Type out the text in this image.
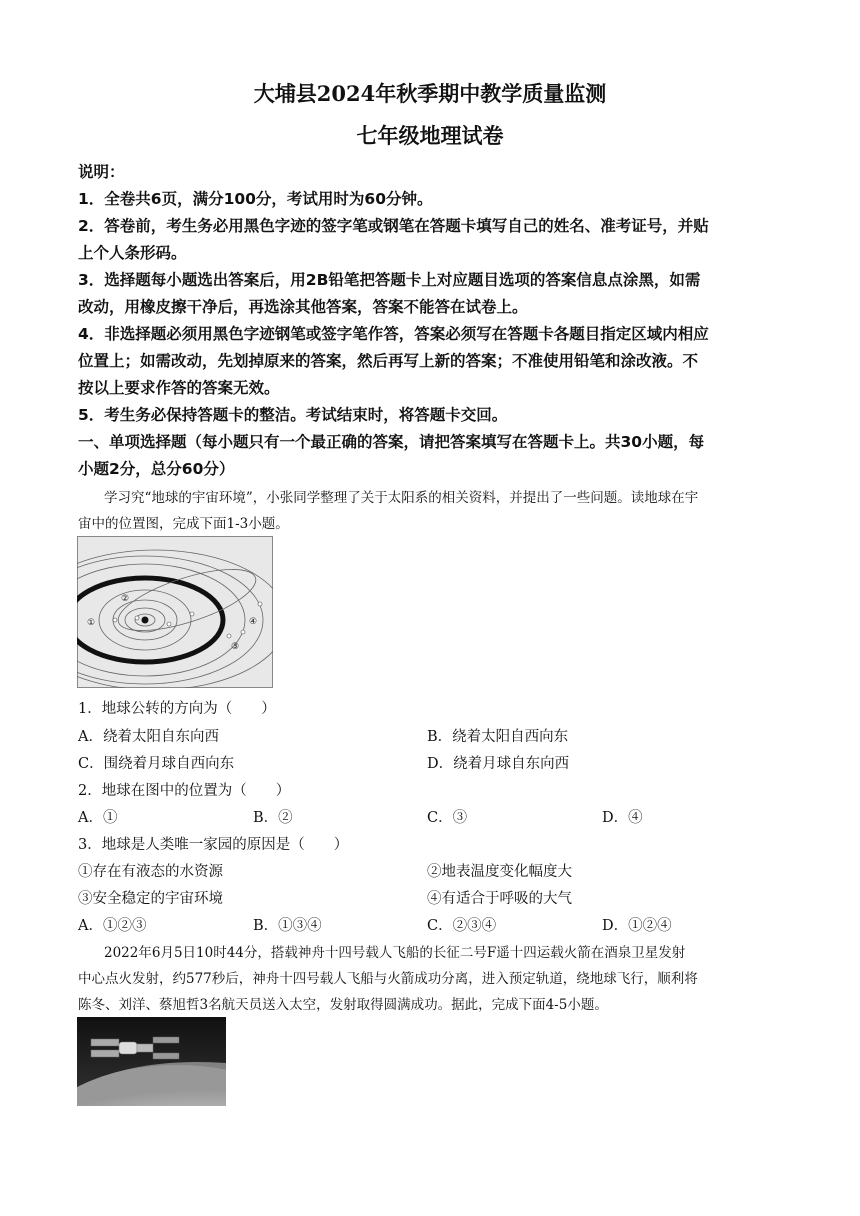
大埔县2024年秋季期中教学质量监测
七年级地理试卷
说明：
1．全卷共6页，满分100分，考试用时为60分钟。
2．答卷前，考生务必用黑色字迹的签字笔或钢笔在答题卡填写自己的姓名、准考证号，并贴
上个人条形码。
3．选择题每小题选出答案后，用2B铅笔把答题卡上对应题目选项的答案信息点涂黑，如需
改动，用橡皮擦干净后，再选涂其他答案，答案不能答在试卷上。
4．非选择题必须用黑色字迹钢笔或签字笔作答，答案必须写在答题卡各题目指定区域内相应
位置上；如需改动，先划掉原来的答案，然后再写上新的答案；不准使用铅笔和涂改液。不
按以上要求作答的答案无效。
5．考生务必保持答题卡的整洁。考试结束时，将答题卡交回。
一、单项选择题（每小题只有一个最正确的答案，请把答案填写在答题卡上。共30小题，每
小题2分，总分60分）
学习究“地球的宇宙环境”，小张同学整理了关于太阳系的相关资料，并提出了一些问题。读地球在宇
宙中的位置图，完成下面1-3小题。
①
②
④
③
1．地球公转的方向为（　　）
A．绕着太阳自东向西	B．绕着太阳自西向东
C．围绕着月球自西向东	D．绕着月球自东向西
2．地球在图中的位置为（　　）
A．①	B．②	C．③	D．④
3．地球是人类唯一家园的原因是（　　）
①存在有液态的水资源	②地表温度变化幅度大
③安全稳定的宇宙环境	④有适合于呼吸的大气
A．①②③	B．①③④	C．②③④	D．①②④
2022年6月5日10时44分，搭载神舟十四号载人飞船的长征二号F遥十四运载火箭在酒泉卫星发射
中心点火发射，约577秒后，神舟十四号载人飞船与火箭成功分离，进入预定轨道，绕地球飞行，顺利将
陈冬、刘洋、蔡旭哲3名航天员送入太空，发射取得圆满成功。据此，完成下面4-5小题。
